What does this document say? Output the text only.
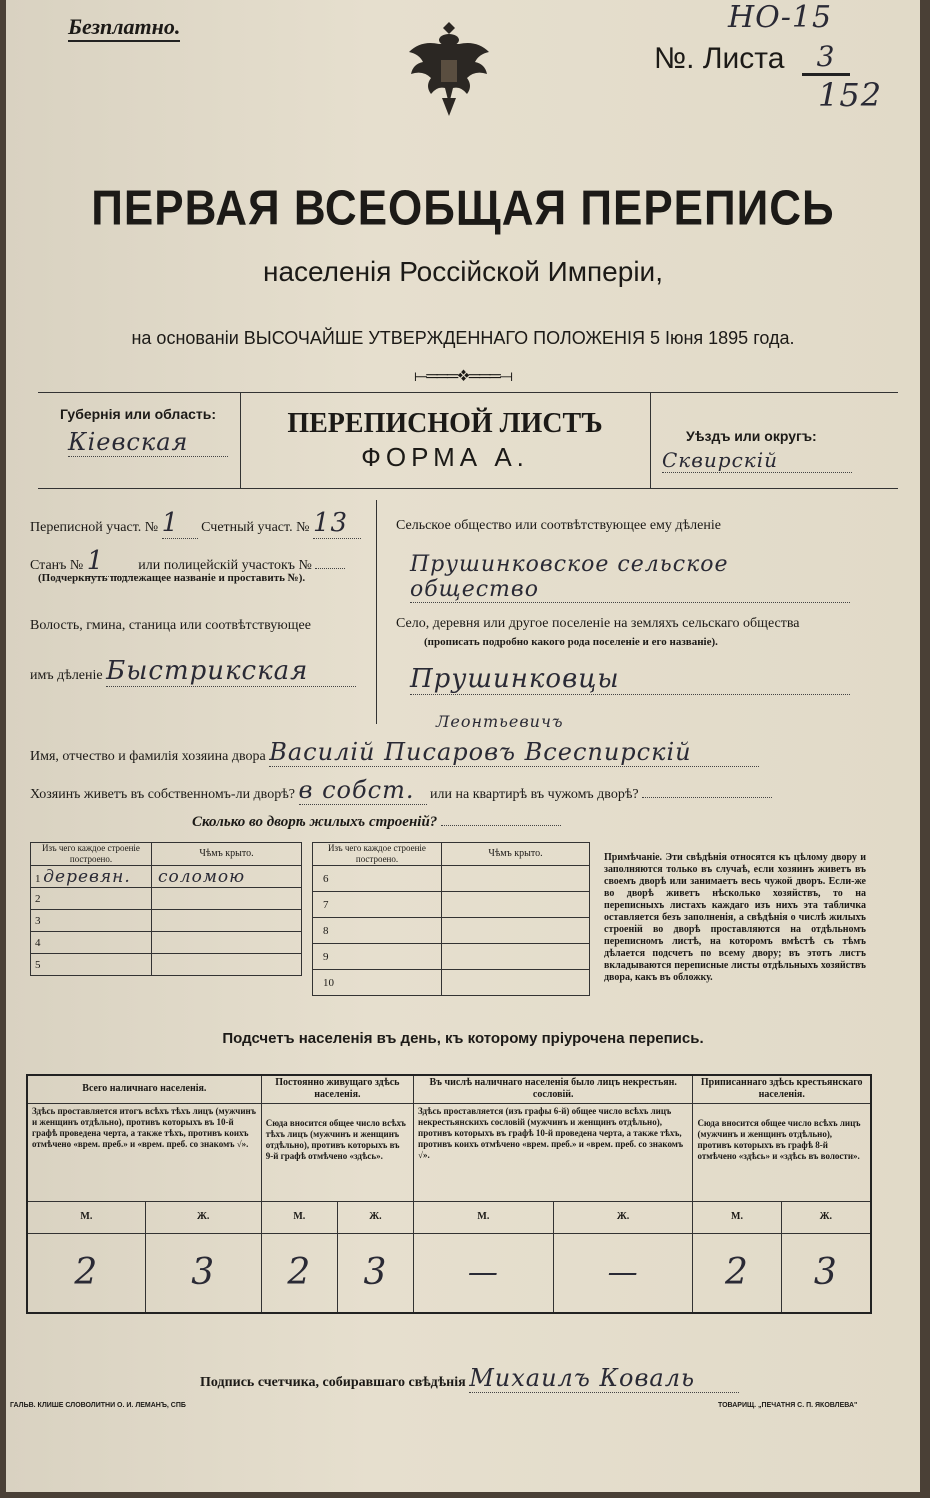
Безплатно.	НО-15
№. Листа	3
152
ПЕРВАЯ ВСЕОБЩАЯ ПЕРЕПИСЬ
населенія Россійской Имперіи,
на основаніи ВЫСОЧАЙШЕ УТВЕРЖДЕННАГО ПОЛОЖЕНІЯ 5 Іюня 1895 года.
⟝═══❖═══⟞
Губернія или область:
Кіевская
ПЕРЕПИСНОЙ ЛИСТЪ
ФОРМА А.
Уѣздъ или округъ:
Сквирскій
Переписной участ. № 1 Счетный участ. № 13
Станъ № 1 или полицейскій участокъ №
(Подчеркнуть подлежащее названіе и проставить №).
Волость, гмина, станица или соотвѣтствующее
имъ дѣленіе Быстрикская
Сельское общество или соотвѣтствующее ему дѣленіе
Прушинковское сельское общество
Село, деревня или другое поселеніе на земляхъ сельскаго общества
(прописать подробно какого рода поселеніе и его названіе).
Прушинковцы
Леонтьевичъ
Имя, отчество и фамилія хозяина двора Василій Писаровъ Всеспирскій
Хозяинъ живетъ въ собственномъ-ли дворѣ? в собст. или на квартирѣ въ чужомъ дворѣ?
Сколько во дворѣ жилыхъ строеній?
Изъ чего каждое строеніе построено.	Чѣмъ крыто.
1 деревян.	соломою
2	
3	
4	
5	
Изъ чего каждое строеніе построено.	Чѣмъ крыто.
6	
7	
8	
9	
10	
Примѣчаніе. Эти свѣдѣнія относятся къ цѣлому двору и заполняются только въ случаѣ, если хозяинъ живетъ въ своемъ дворѣ или занимаетъ весь чужой дворъ. Если-же во дворѣ живетъ нѣсколько хозяйствъ, то на переписныхъ листахъ каждаго изъ нихъ эта табличка оставляется безъ заполненія, а свѣдѣнія о числѣ жилыхъ строеній во дворѣ проставляются на отдѣльномъ переписномъ листѣ, на которомъ вмѣстѣ съ тѣмъ дѣлается подсчетъ по всему двору; въ этотъ листъ вкладываются переписные листы отдѣльныхъ хозяйствъ двора, какъ въ обложку.
Подсчетъ населенія въ день, къ которому пріурочена перепись.
Всего наличнаго населенія.		Постоянно живущаго здѣсь населенія.		Въ числѣ наличнаго населенія было лицъ некрестьян. сословій.		Приписаннаго здѣсь крестьянскаго населенія.	
Здѣсь проставляется итогъ всѣхъ тѣхъ лицъ (мужчинъ и женщинъ отдѣльно), противъ которыхъ въ 10-й графѣ проведена черта, а также тѣхъ, противъ коихъ отмѣчено «врем. преб.» и «врем. преб. со знакомъ √».		Сюда вносится общее число всѣхъ тѣхъ лицъ (мужчинъ и женщинъ отдѣльно), противъ которыхъ въ 9-й графѣ отмѣчено «здѣсь».		Здѣсь проставляется (изъ графы 6-й) общее число всѣхъ лицъ некрестьянскихъ сословій (мужчинъ и женщинъ отдѣльно), противъ которыхъ въ графѣ 10-й проведена черта, а также тѣхъ, противъ коихъ отмѣчено «врем. преб.» и «врем. преб. со знакомъ √».		Сюда вносится общее число всѣхъ лицъ (мужчинъ и женщинъ отдѣльно), противъ которыхъ въ графѣ 8-й отмѣчено «здѣсь» и «здѣсь въ волости».	
М.	Ж.	М.	Ж.	М.	Ж.	М.	Ж.
2	3	2	3	—	—	2	3
Подпись счетчика, собиравшаго свѣдѣнія Михаилъ Коваль
ГАЛЬВ. КЛИШЕ СЛОВОЛИТНИ О. И. ЛЕМАНЪ, СПБ	ТОВАРИЩ. „ПЕЧАТНЯ С. П. ЯКОВЛЕВА"
